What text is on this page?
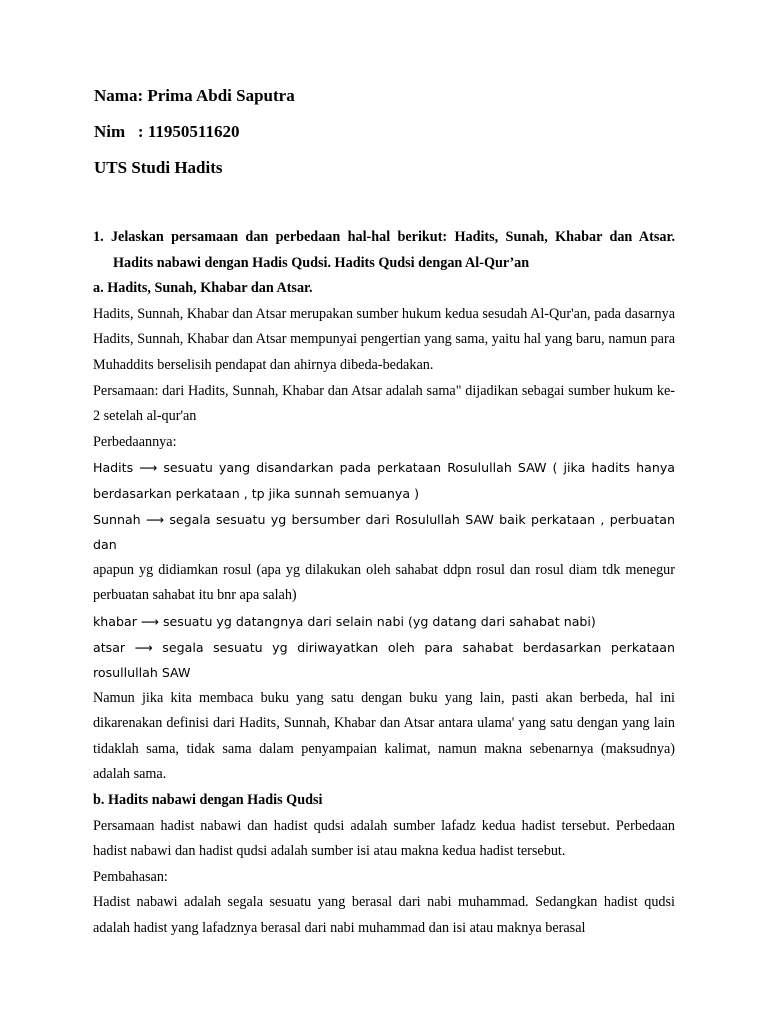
Nama: Prima Abdi Saputra
Nim   : 11950511620
UTS Studi Hadits

1. Jelaskan persamaan dan perbedaan hal-hal berikut: Hadits, Sunah, Khabar dan Atsar. Hadits nabawi dengan Hadis Qudsi. Hadits Qudsi dengan Al-Qur’an

a. Hadits, Sunah, Khabar dan Atsar.

Hadits, Sunnah, Khabar dan Atsar merupakan sumber hukum kedua sesudah Al-Qur'an, pada dasarnya Hadits, Sunnah, Khabar dan Atsar mempunyai pengertian yang sama, yaitu hal yang baru, namun para Muhaddits berselisih pendapat dan ahirnya dibeda-bedakan.

Persamaan: dari Hadits, Sunnah, Khabar dan Atsar adalah sama" dijadikan sebagai sumber hukum ke-2 setelah al-qur'an

Perbedaannya:

Hadits ⟶ sesuatu yang disandarkan pada perkataan Rosulullah SAW ( jika hadits hanya berdasarkan perkataan , tp jika sunnah semuanya )

Sunnah ⟶ segala sesuatu yg bersumber dari Rosulullah SAW baik perkataan , perbuatan dan

apapun yg didiamkan rosul (apa yg dilakukan oleh sahabat ddpn rosul dan rosul diam tdk menegur perbuatan sahabat itu bnr apa salah)

khabar ⟶ sesuatu yg datangnya dari selain nabi (yg datang dari sahabat nabi)

atsar ⟶ segala sesuatu yg diriwayatkan oleh para sahabat berdasarkan perkataan rosullullah SAW

Namun jika kita membaca buku yang satu dengan buku yang lain, pasti akan berbeda, hal ini dikarenakan definisi dari Hadits, Sunnah, Khabar dan Atsar antara ulama' yang satu dengan yang lain tidaklah sama, tidak sama dalam penyampaian kalimat, namun makna sebenarnya (maksudnya) adalah sama.

b. Hadits nabawi dengan Hadis Qudsi

Persamaan hadist nabawi dan hadist qudsi adalah sumber lafadz kedua hadist tersebut. Perbedaan hadist nabawi dan hadist qudsi adalah sumber isi atau makna kedua hadist tersebut.

Pembahasan:

Hadist nabawi adalah segala sesuatu yang berasal dari nabi muhammad. Sedangkan hadist qudsi adalah hadist yang lafadznya berasal dari nabi muhammad dan isi atau maknya berasal
